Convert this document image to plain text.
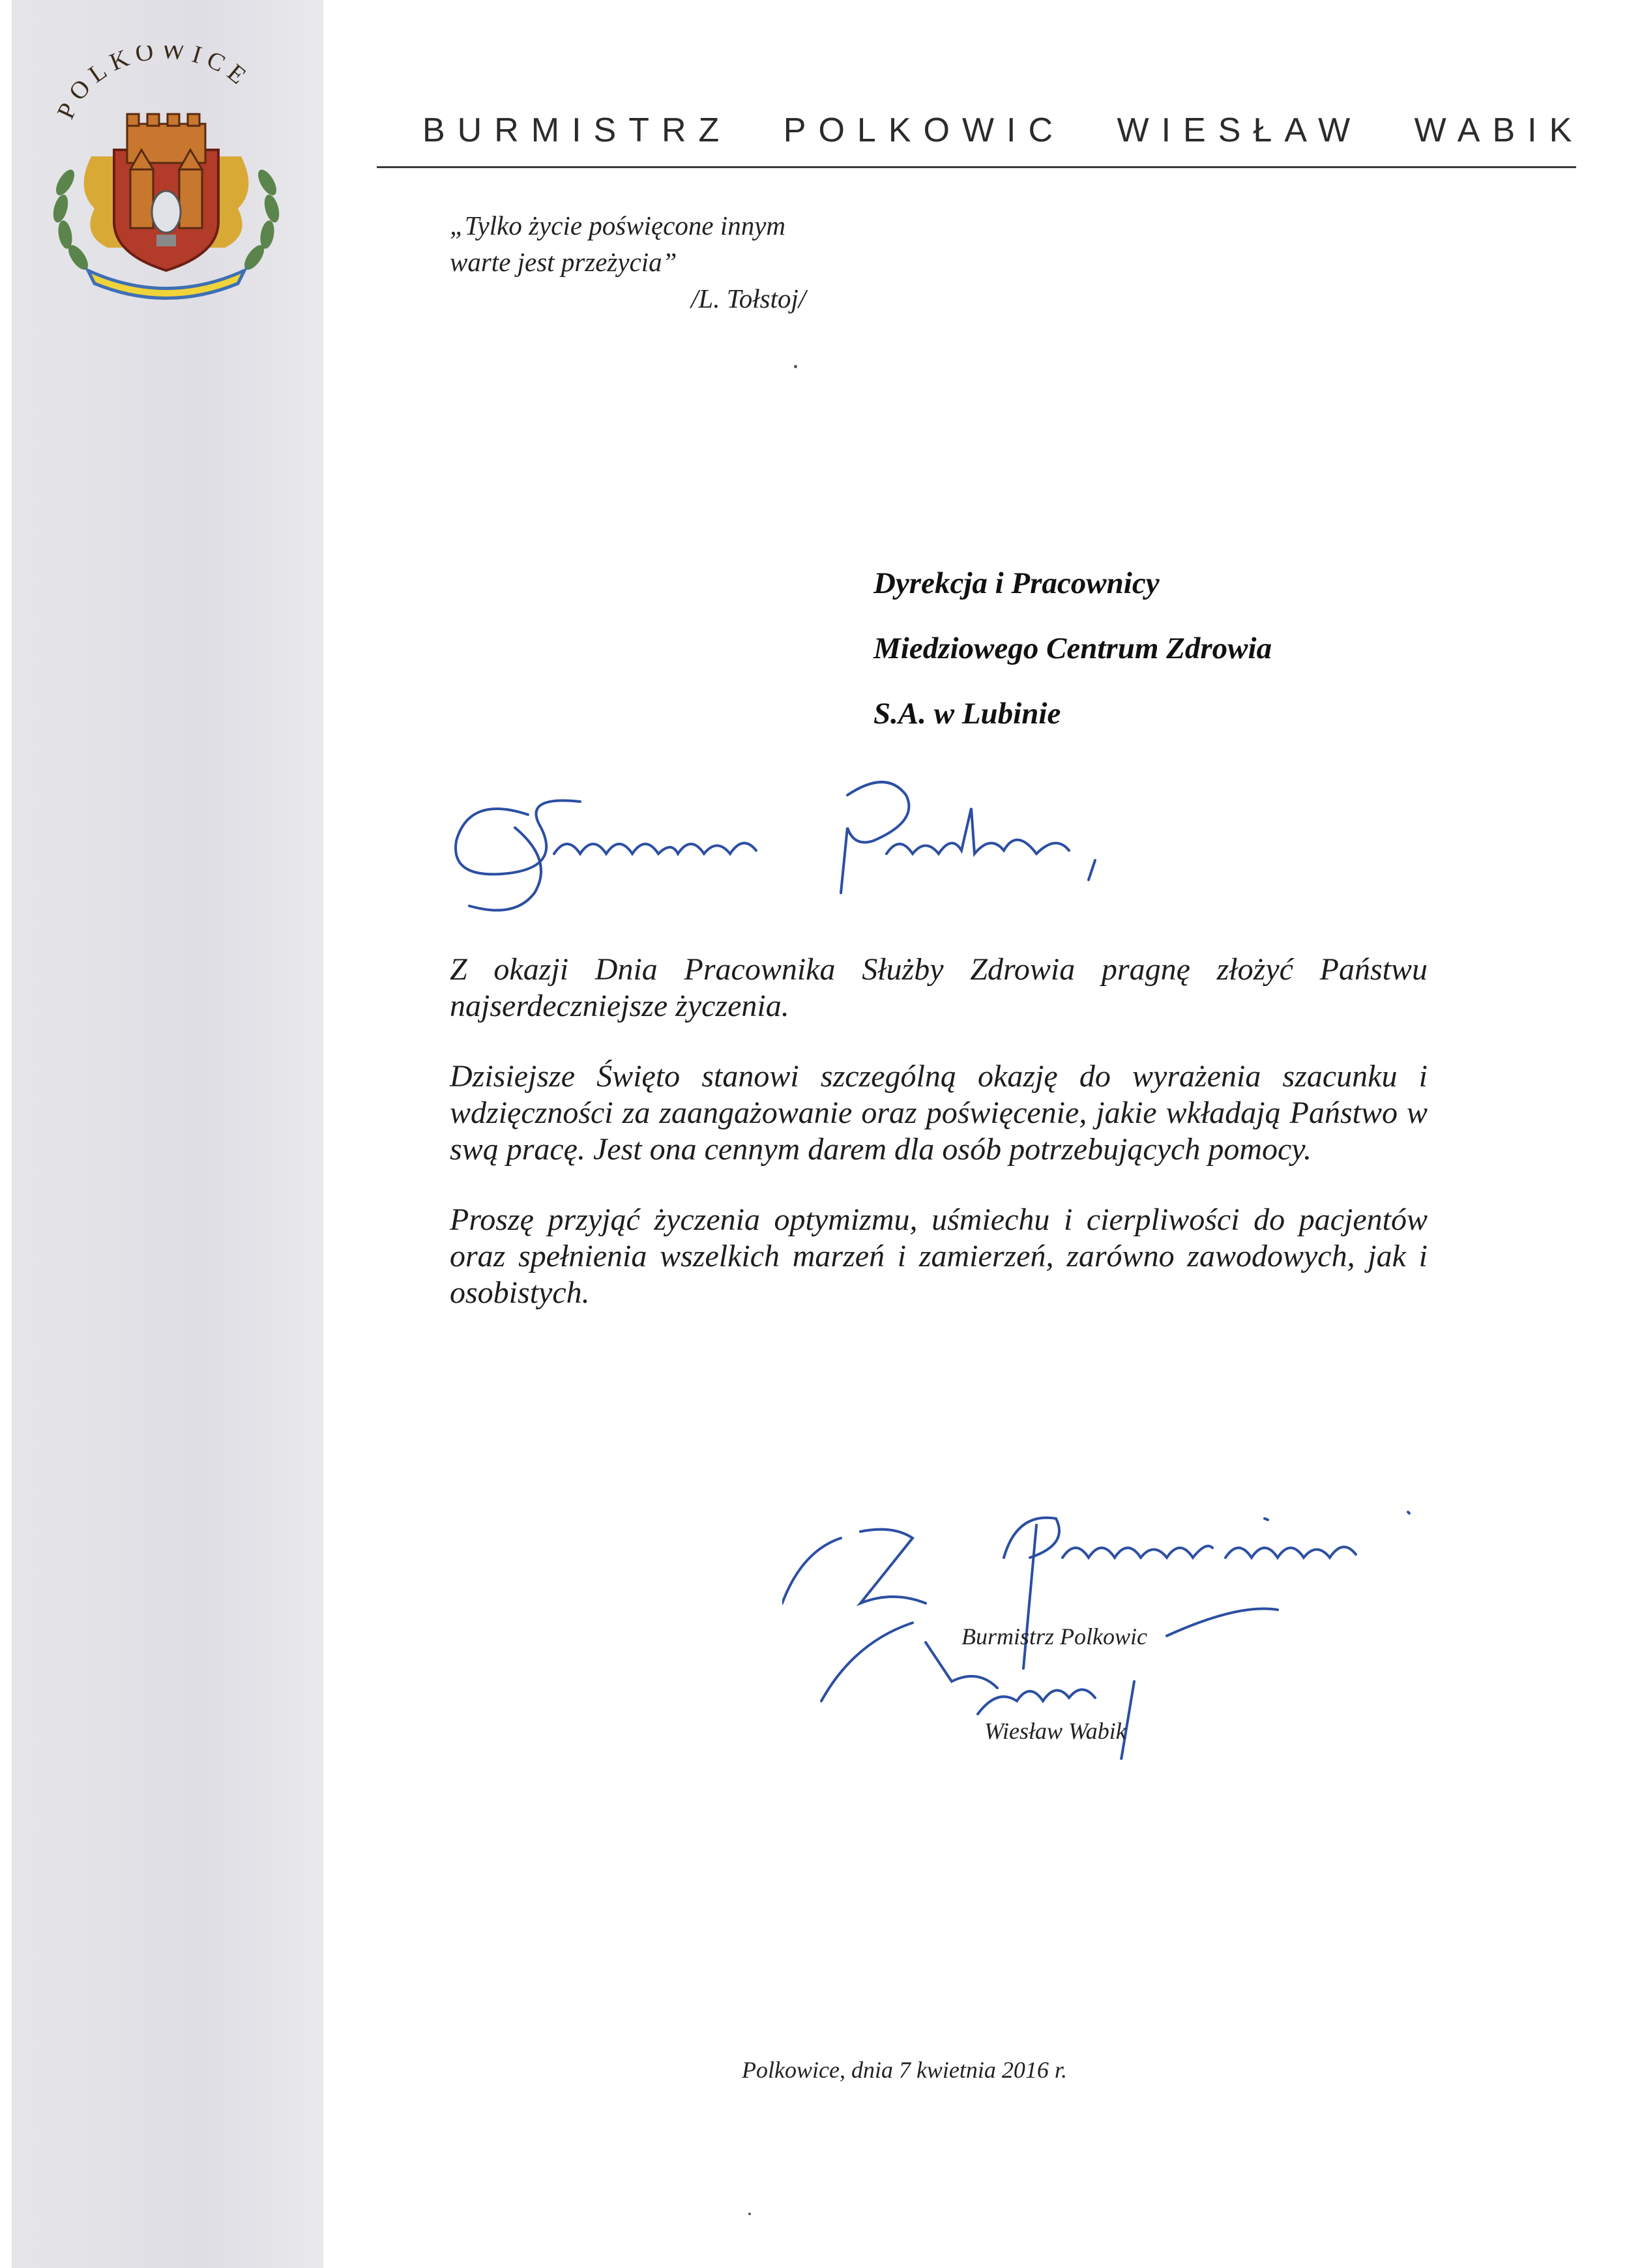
POLKOWICE
BURMISTRZ POLKOWIC WIESŁAW WABIK
„Tylko życie poświęcone innym
warte jest przeżycia”
/L. Tołstoj/
Dyrekcja i Pracownicy
Miedziowego Centrum Zdrowia
S.A. w Lubinie

Z okazji Dnia Pracownika Służby Zdrowia pragnę złożyć Państwu najserdeczniejsze życzenia.

Dzisiejsze Święto stanowi szczególną okazję do wyrażenia szacunku i wdzięczności za zaangażowanie oraz poświęcenie, jakie wkładają Państwo w swą pracę. Jest ona cennym darem dla osób potrzebujących pomocy.

Proszę przyjąć życzenia optymizmu, uśmiechu i cierpliwości do pacjentów oraz spełnienia wszelkich marzeń i zamierzeń, zarówno zawodowych, jak i osobistych.

Burmistrz Polkowic
Wiesław Wabik
Polkowice, dnia 7 kwietnia 2016 r.
